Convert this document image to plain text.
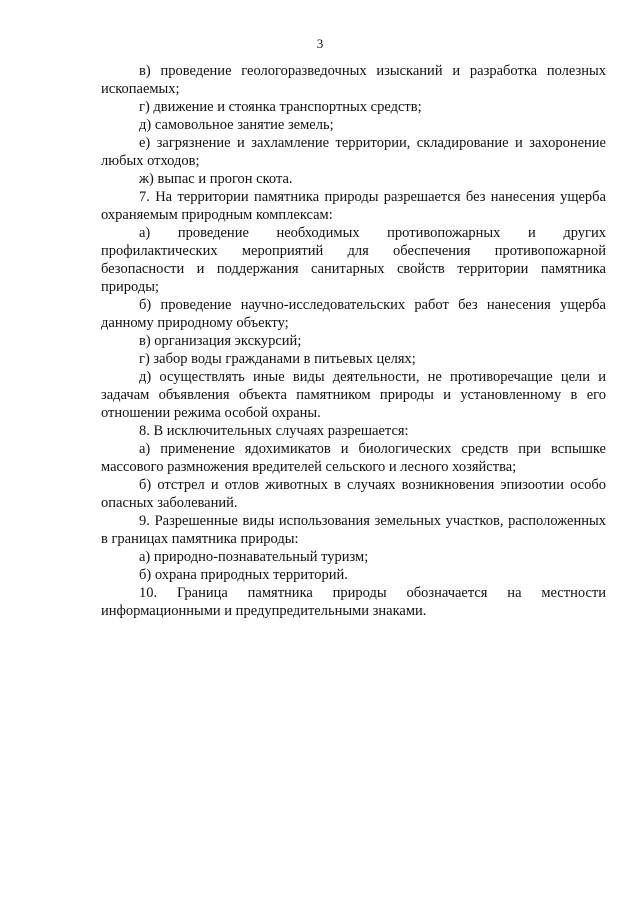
3

в) проведение геологоразведочных изысканий и разработка полезных ископаемых;

г) движение и стоянка транспортных средств;

д) самовольное занятие земель;

е) загрязнение и захламление территории, складирование и захоронение любых отходов;

ж) выпас и прогон скота.

7. На территории памятника природы разрешается без нанесения ущерба охраняемым природным комплексам:

а) проведение необходимых противопожарных и других профилактических мероприятий для обеспечения противопожарной безопасности и поддержания санитарных свойств территории памятника природы;

б) проведение научно-исследовательских работ без нанесения ущерба данному природному объекту;

в) организация экскурсий;

г) забор воды гражданами в питьевых целях;

д) осуществлять иные виды деятельности, не противоречащие цели и задачам объявления объекта памятником природы и установленному в его отношении режима особой охраны.

8. В исключительных случаях разрешается:

а) применение ядохимикатов и биологических средств при вспышке массового размножения вредителей сельского и лесного хозяйства;

б) отстрел и отлов животных в случаях возникновения эпизоотии особо опасных заболеваний.

9. Разрешенные виды использования земельных участков, расположенных в границах памятника природы:

а) природно-познавательный туризм;

б) охрана природных территорий.

10. Граница памятника природы обозначается на местности информационными и предупредительными знаками.
